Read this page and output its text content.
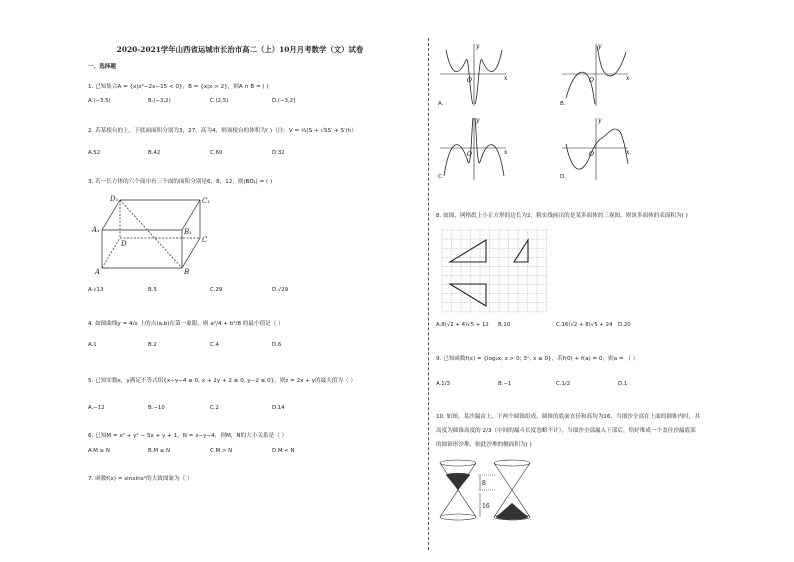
2020-2021学年山西省运城市长治市高二（上）10月月考数学（文）试卷
一、选择题
1. 已知集合A = {x|x²−2x−15 < 0}，B = {x|x > 2}，则A ∩ B = ( )
A.(−3,5)	B.(−3,2)	C.(2,5)	D.(−3,2]
2. 若某棱台的上、下底面面积分别为3，27，高为4，则该棱台的体积为( )（注：V = ⅓(S + √SS′ + S′)h）
A.52	B.42	C.60	D.32
3. 若一长方体的六个面中有三个面的面积分别是6，8，12，则|BD₁| = ( )
D₁	C₁
A₁	B₁
D	C
A	B
A.√13	B.5	C.29	D.√29
4. 如图曲线y = 4/x 上的点(a,b)在第一象限，则 a²/4 + b²/8 的最小值是（ ）
A.1	B.2	C.4	D.6
5. 已知实数x，y满足不等式组{x−y−4 ≤ 0, x + 2y + 2 ≥ 0, y−2 ≤ 0}，则z = 2x + y的最大值为（ ）
A.−12	B.−10	C.2	D.14
6. 已知M = x² + y² − 5x + y + 1，N = x−y−4，则M，N的大小关系是（ ）
A.M ≥ N	B.M ≤ N	C.M > N	D.M < N
7. 函数f(x) = sinxlnx²的大致图象为（ ）
y
x
O
A.
y
x
O
B.
y
x
O
C.
y
x
O
D.
8. 如图，网格纸上小正方形的边长为2，粗实线画出的是某多面体的三视图，则该多面体的表面积为( )
A.8(√2 + 4)√5 + 12 B.10	C.16(√2 + 8)√5 + 24 D.20
9. 已知函数f(x) = {log₂x, x > 0; 3ˣ, x ≤ 0}，若f(0) + f(a) = 0，则a = （ ）
A.1/3	B.−1	C.1/2	D.1
10. 如图，某沙漏由上、下两个圆锥组成，圆锥的底面直径和高均为16，当细沙全部在上面的圆锥内时，其
高度为圆锥高度的 2/3（中间的漏斗长度忽略不计），当细沙全部漏入下部后，恰好堆成一个盖住沙漏底部
的圆锥形沙堆，则此沙堆的侧面积为( )
8
16
